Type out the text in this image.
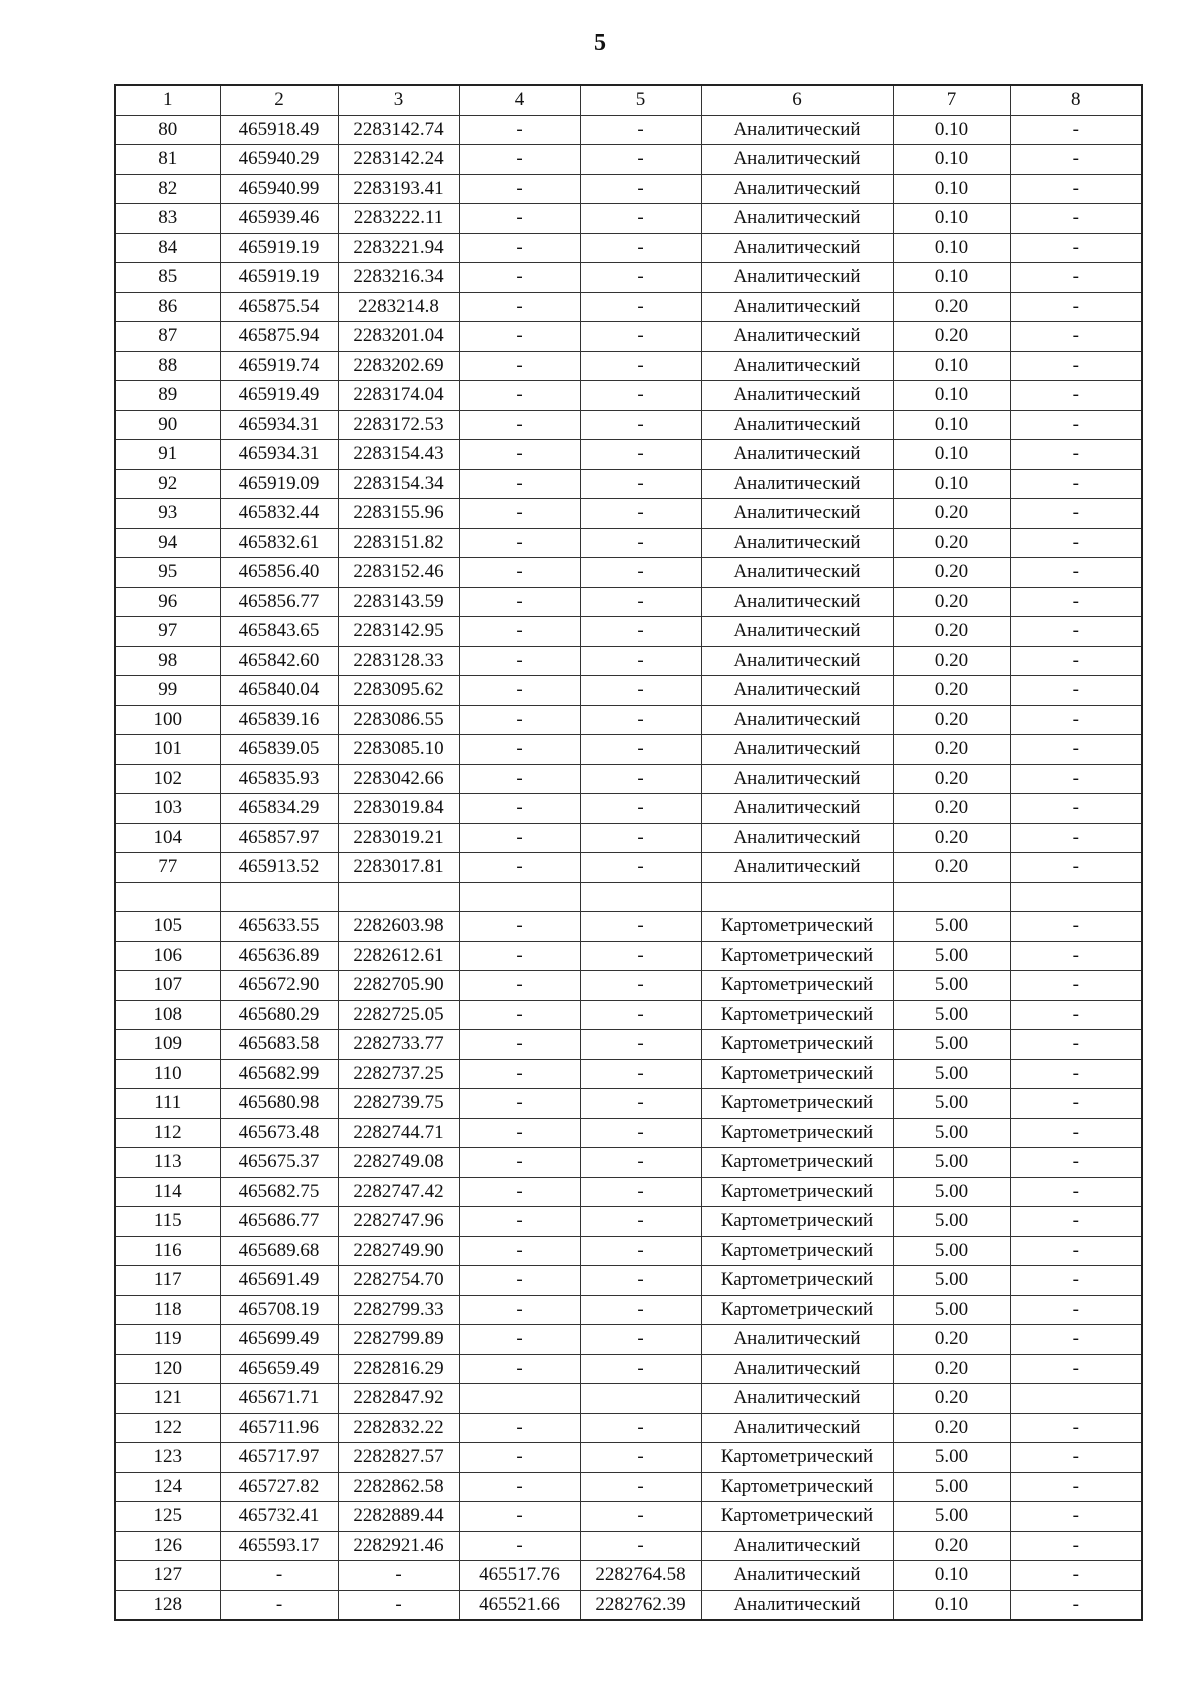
5
1	2	3	4	5	6	7	8
80	465918.49	2283142.74	-	-	Аналитический	0.10	-
81	465940.29	2283142.24	-	-	Аналитический	0.10	-
82	465940.99	2283193.41	-	-	Аналитический	0.10	-
83	465939.46	2283222.11	-	-	Аналитический	0.10	-
84	465919.19	2283221.94	-	-	Аналитический	0.10	-
85	465919.19	2283216.34	-	-	Аналитический	0.10	-
86	465875.54	2283214.8	-	-	Аналитический	0.20	-
87	465875.94	2283201.04	-	-	Аналитический	0.20	-
88	465919.74	2283202.69	-	-	Аналитический	0.10	-
89	465919.49	2283174.04	-	-	Аналитический	0.10	-
90	465934.31	2283172.53	-	-	Аналитический	0.10	-
91	465934.31	2283154.43	-	-	Аналитический	0.10	-
92	465919.09	2283154.34	-	-	Аналитический	0.10	-
93	465832.44	2283155.96	-	-	Аналитический	0.20	-
94	465832.61	2283151.82	-	-	Аналитический	0.20	-
95	465856.40	2283152.46	-	-	Аналитический	0.20	-
96	465856.77	2283143.59	-	-	Аналитический	0.20	-
97	465843.65	2283142.95	-	-	Аналитический	0.20	-
98	465842.60	2283128.33	-	-	Аналитический	0.20	-
99	465840.04	2283095.62	-	-	Аналитический	0.20	-
100	465839.16	2283086.55	-	-	Аналитический	0.20	-
101	465839.05	2283085.10	-	-	Аналитический	0.20	-
102	465835.93	2283042.66	-	-	Аналитический	0.20	-
103	465834.29	2283019.84	-	-	Аналитический	0.20	-
104	465857.97	2283019.21	-	-	Аналитический	0.20	-
77	465913.52	2283017.81	-	-	Аналитический	0.20	-

105	465633.55	2282603.98	-	-	Картометрический	5.00	-
106	465636.89	2282612.61	-	-	Картометрический	5.00	-
107	465672.90	2282705.90	-	-	Картометрический	5.00	-
108	465680.29	2282725.05	-	-	Картометрический	5.00	-
109	465683.58	2282733.77	-	-	Картометрический	5.00	-
110	465682.99	2282737.25	-	-	Картометрический	5.00	-
111	465680.98	2282739.75	-	-	Картометрический	5.00	-
112	465673.48	2282744.71	-	-	Картометрический	5.00	-
113	465675.37	2282749.08	-	-	Картометрический	5.00	-
114	465682.75	2282747.42	-	-	Картометрический	5.00	-
115	465686.77	2282747.96	-	-	Картометрический	5.00	-
116	465689.68	2282749.90	-	-	Картометрический	5.00	-
117	465691.49	2282754.70	-	-	Картометрический	5.00	-
118	465708.19	2282799.33	-	-	Картометрический	5.00	-
119	465699.49	2282799.89	-	-	Аналитический	0.20	-
120	465659.49	2282816.29	-	-	Аналитический	0.20	-
121	465671.71	2282847.92			Аналитический	0.20	
122	465711.96	2282832.22	-	-	Аналитический	0.20	-
123	465717.97	2282827.57	-	-	Картометрический	5.00	-
124	465727.82	2282862.58	-	-	Картометрический	5.00	-
125	465732.41	2282889.44	-	-	Картометрический	5.00	-
126	465593.17	2282921.46	-	-	Аналитический	0.20	-
127	-	-	465517.76	2282764.58	Аналитический	0.10	-
128	-	-	465521.66	2282762.39	Аналитический	0.10	-
